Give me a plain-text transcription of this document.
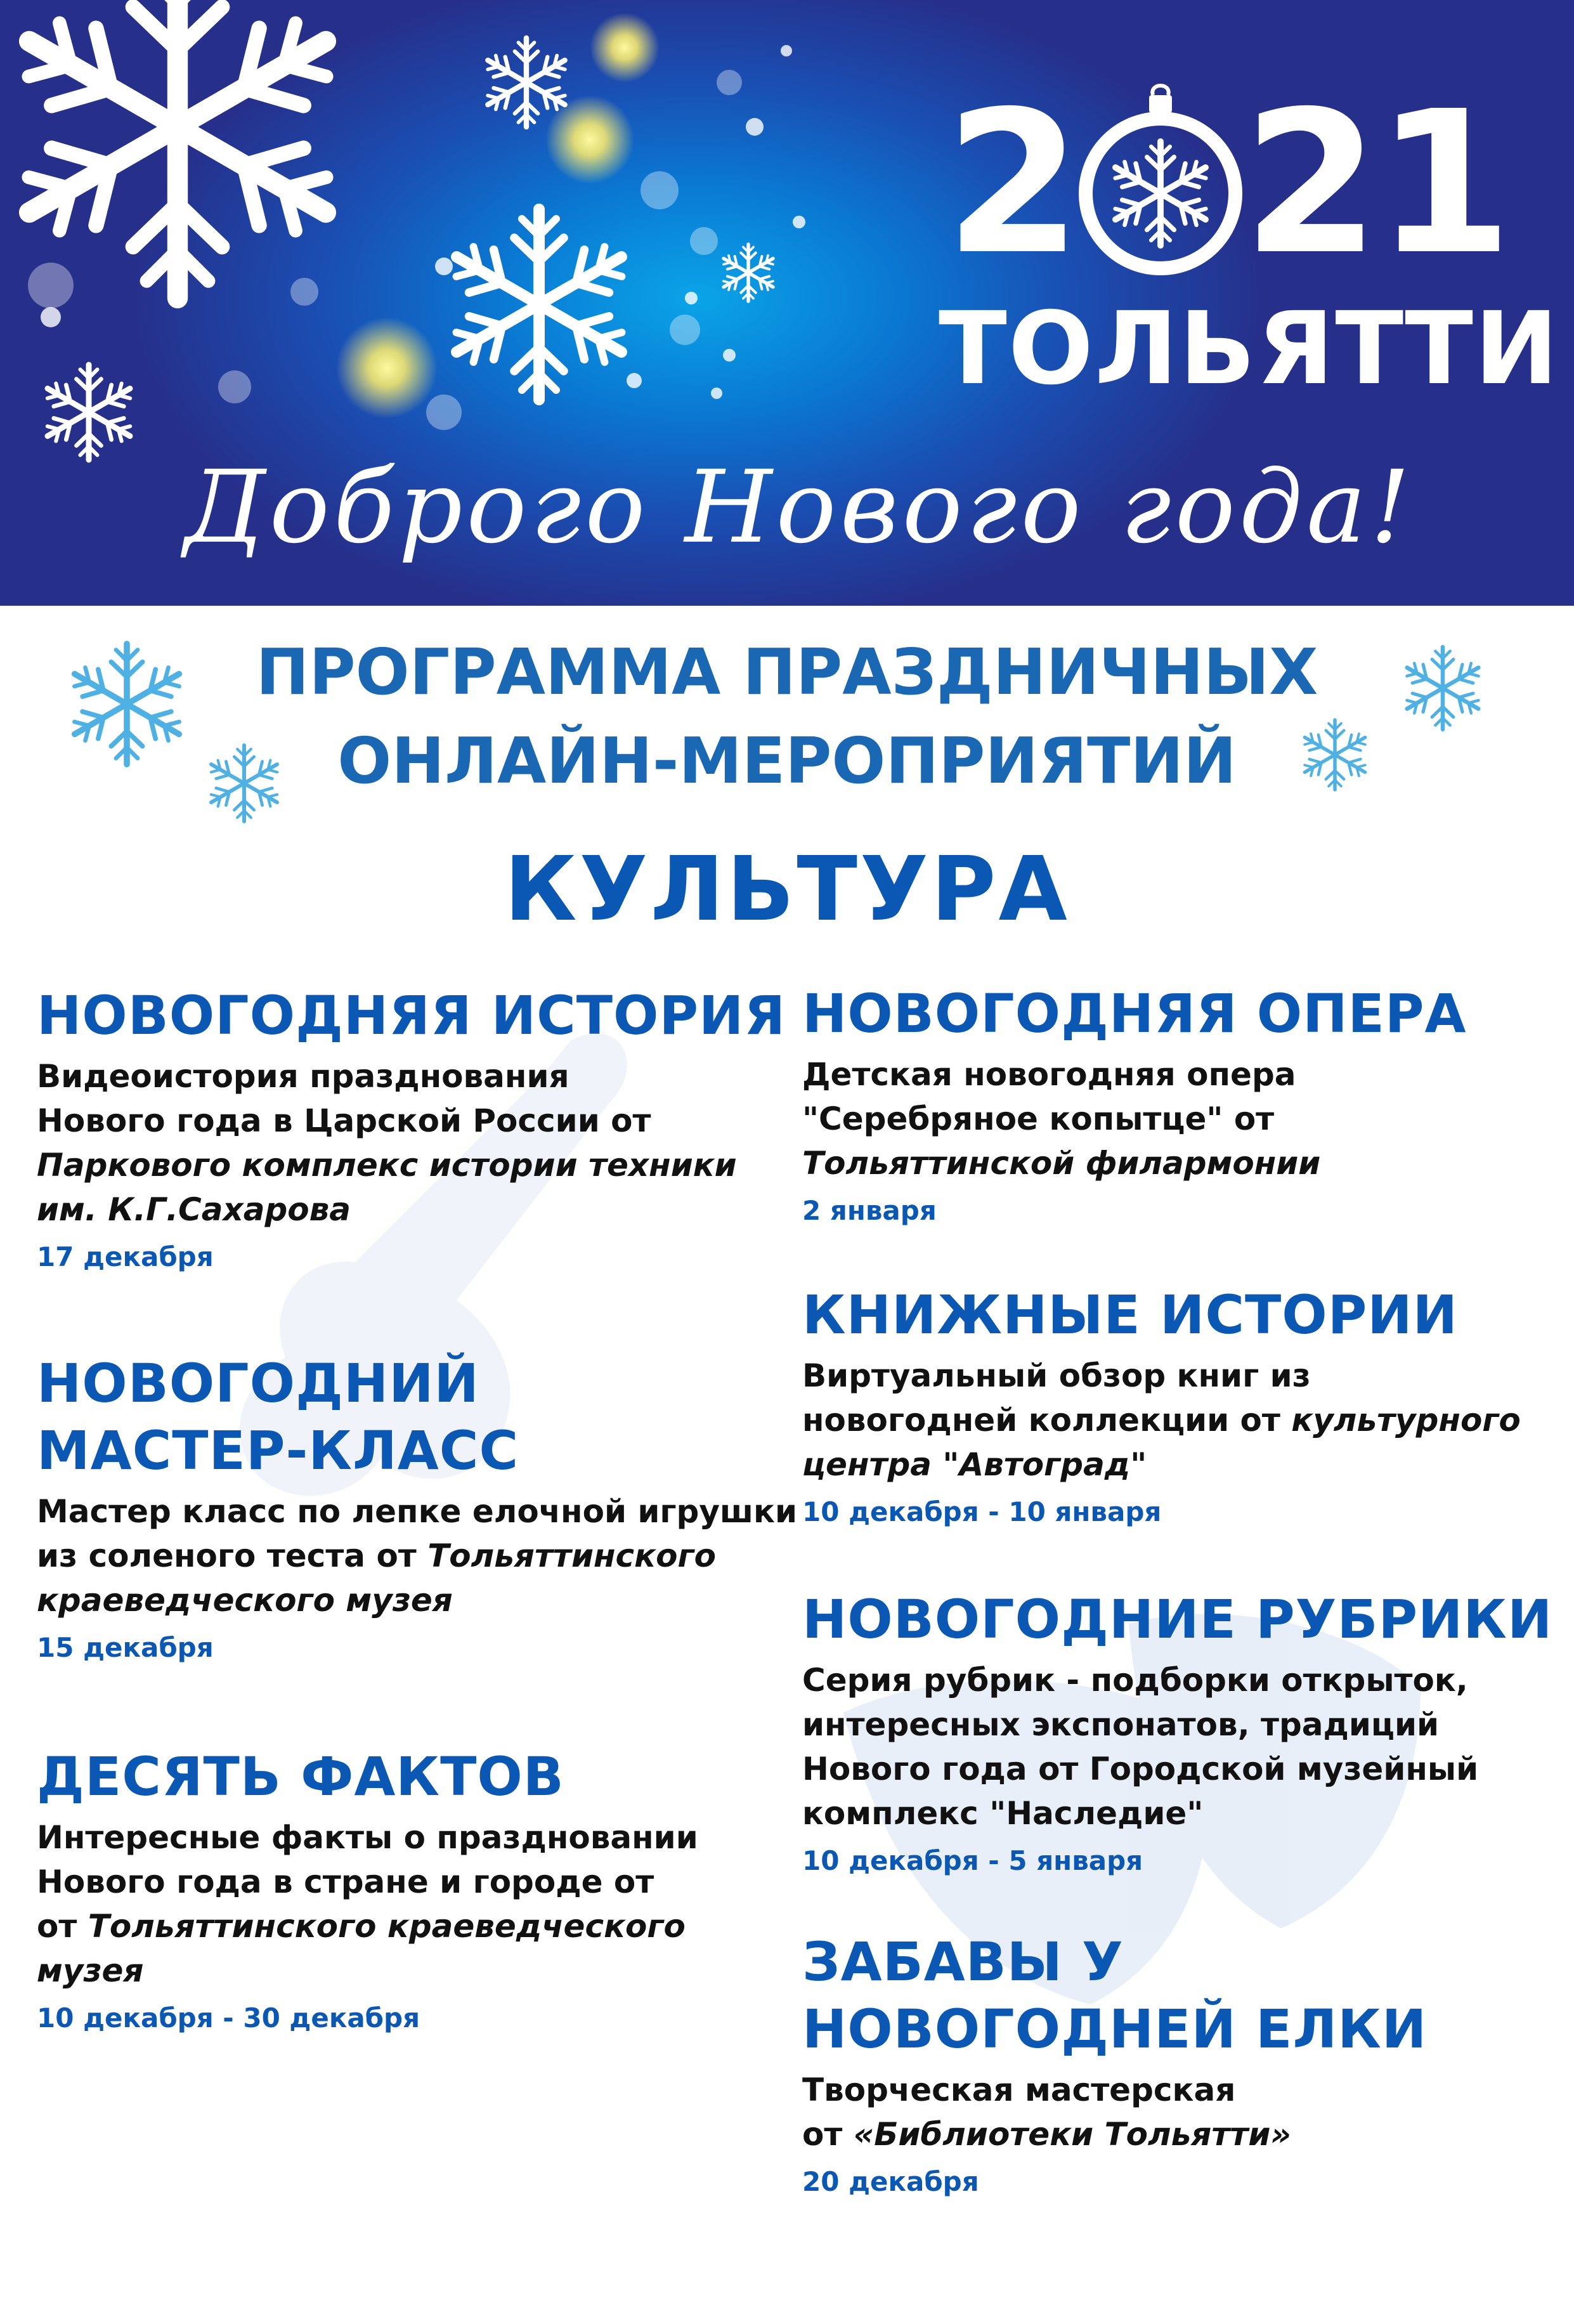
2 21
ТОЛЬЯТТИ
Доброго Нового года!
ПРОГРАММА ПРАЗДНИЧНЫХ
ОНЛАЙН-МЕРОПРИЯТИЙ
КУЛЬТУРА
НОВОГОДНЯЯ ИСТОРИЯ

Видеоистория празднования
Нового года в Царской России от
Паркового комплекс истории техники
им. К.Г.Сахарова

17 декабря
НОВОГОДНИЙ
МАСТЕР-КЛАСС

Мастер класс по лепке елочной игрушки
из соленого теста от Тольяттинского
краеведческого музея

15 декабря
ДЕСЯТЬ ФАКТОВ

Интересные факты о праздновании
Нового года в стране и городе от
от Тольяттинского краеведческого
музея

10 декабря - 30 декабря
НОВОГОДНЯЯ ОПЕРА

Детская новогодняя опера
"Серебряное копытце" от
Тольяттинской филармонии

2 января
КНИЖНЫЕ ИСТОРИИ

Виртуальный обзор книг из
новогодней коллекции от культурного
центра "Автоград"

10 декабря - 10 января
НОВОГОДНИЕ РУБРИКИ

Серия рубрик - подборки открыток,
интересных экспонатов, традиций
Нового года от Городской музейный
комплекс "Наследие"

10 декабря - 5 января
ЗАБАВЫ У
НОВОГОДНЕЙ ЕЛКИ

Творческая мастерская
от «Библиотеки Тольятти»

20 декабря
